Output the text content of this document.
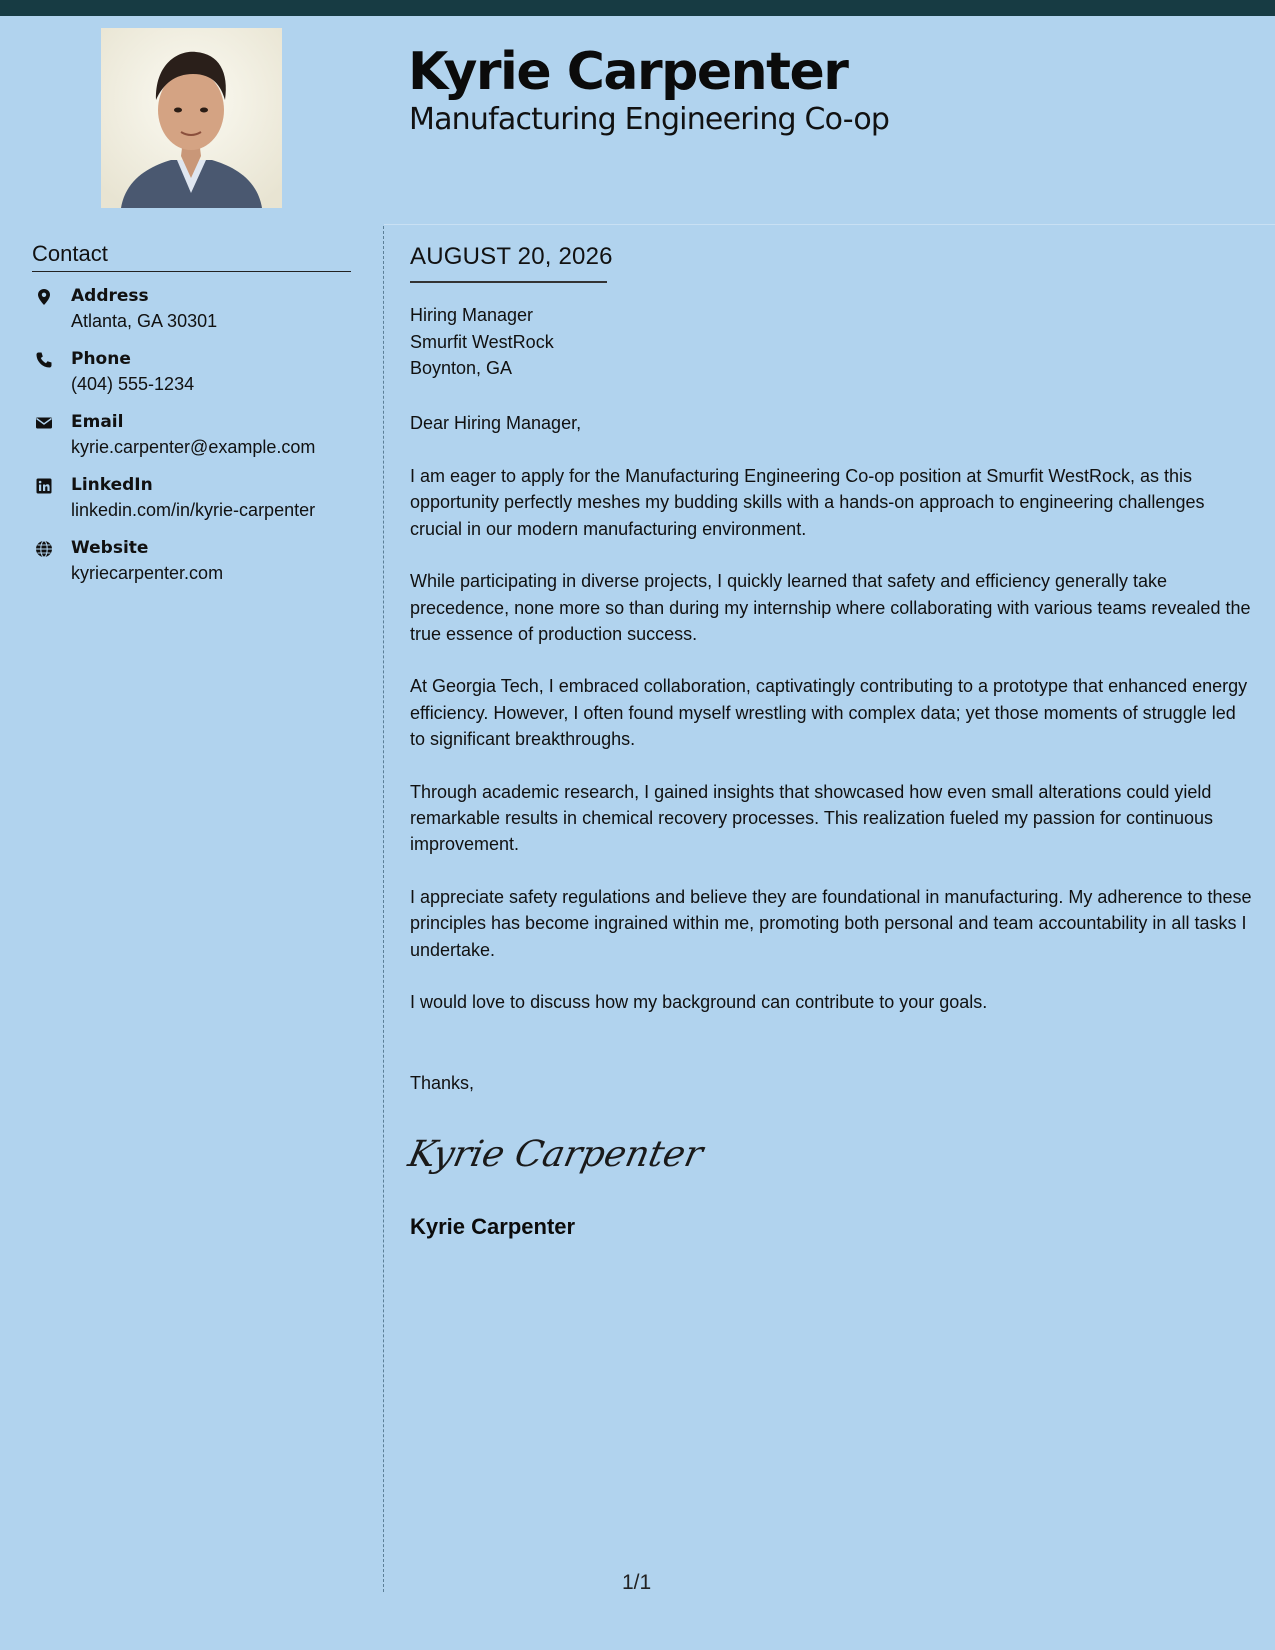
Kyrie Carpenter
Manufacturing Engineering Co-op
Contact
Address
Atlanta, GA 30301
Phone
(404) 555-1234
Email
kyrie.carpenter@example.com
LinkedIn
linkedin.com/in/kyrie-carpenter
Website
kyriecarpenter.com
AUGUST 20, 2026
Hiring Manager
Smurfit WestRock
Boynton, GA
Dear Hiring Manager,

I am eager to apply for the Manufacturing Engineering Co-op position at Smurfit WestRock, as this opportunity perfectly meshes my budding skills with a hands-on approach to engineering challenges crucial in our modern manufacturing environment.

While participating in diverse projects, I quickly learned that safety and efficiency generally take precedence, none more so than during my internship where collaborating with various teams revealed the true essence of production success.

At Georgia Tech, I embraced collaboration, captivatingly contributing to a prototype that enhanced energy efficiency. However, I often found myself wrestling with complex data; yet those moments of struggle led to significant breakthroughs.

Through academic research, I gained insights that showcased how even small alterations could yield remarkable results in chemical recovery processes. This realization fueled my passion for continuous improvement.

I appreciate safety regulations and believe they are foundational in manufacturing. My adherence to these principles has become ingrained within me, promoting both personal and team accountability in all tasks I undertake.

I would love to discuss how my background can contribute to your goals.

Thanks,
Kyrie Carpenter
Kyrie Carpenter
1/1
